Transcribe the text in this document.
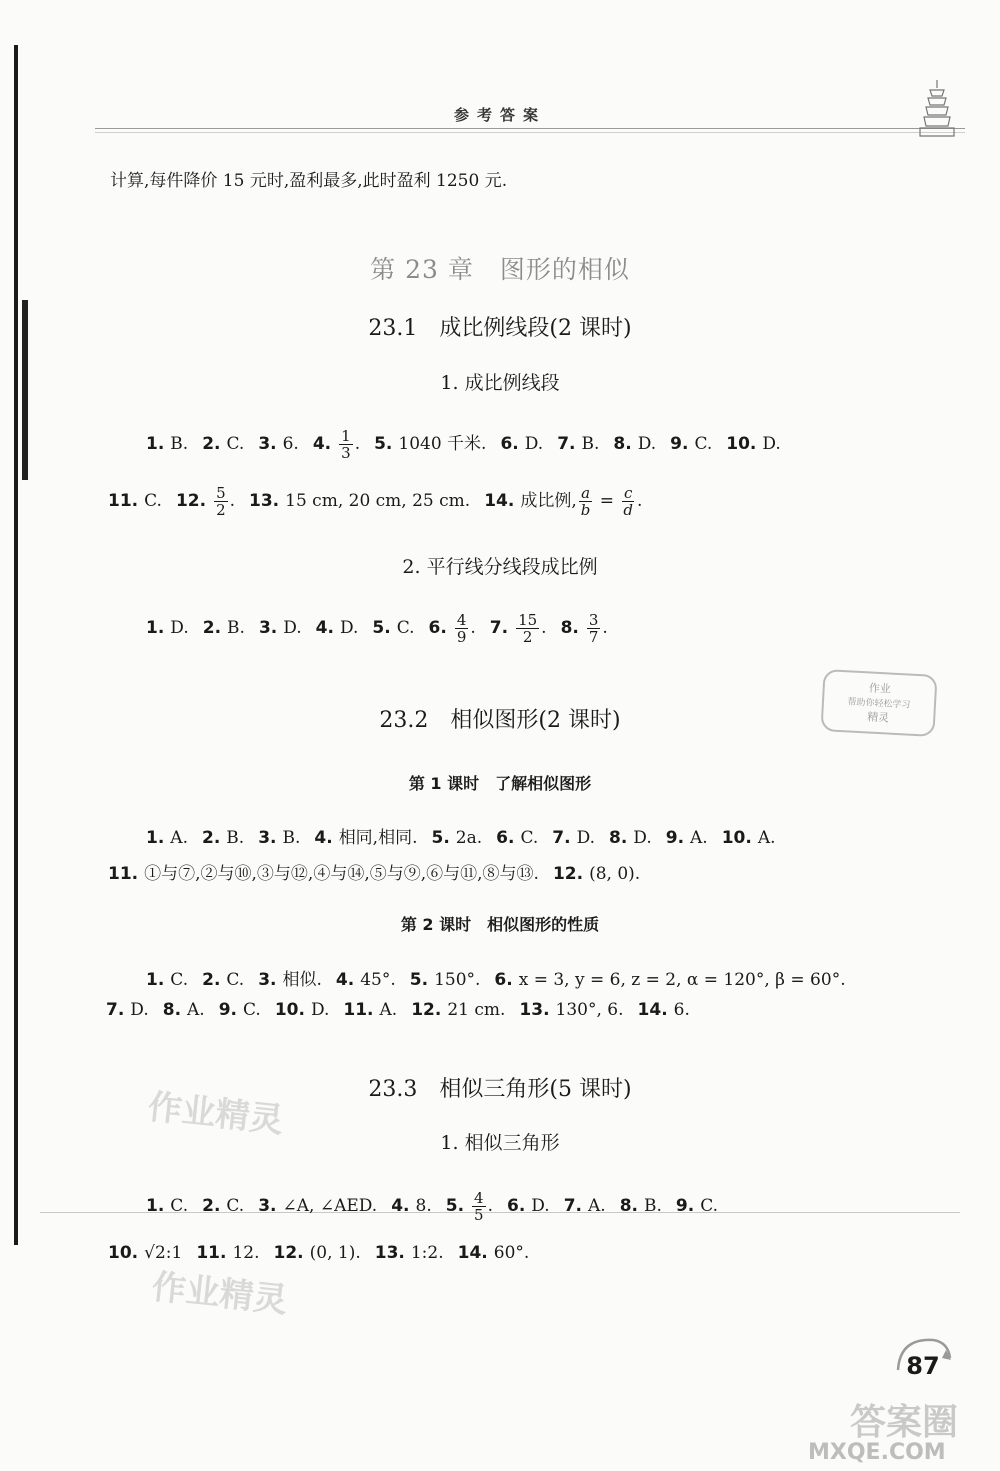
参考答案
计算,每件降价 15 元时,盈利最多,此时盈利 1250 元.
第 23 章　图形的相似
23.1　成比例线段(2 课时)
1. 成比例线段
1. B. 2. C. 3. 6. 4. $\frac{1}{3}$ . 5. 1040 千米. 6. D. 7. B. 8. D. 9. C. 10. D.
11. C. 12. $\frac{5}{2}$ . 13. 15 cm, 20 cm, 25 cm. 14. 成比例, $\frac{a}{b} = \frac{c}{d}$ .
2. 平行线分线段成比例
1. D. 2. B. 3. D. 4. D. 5. C. 6. $\frac{4}{9}$ . 7. $\frac{15}{2}$ . 8. $\frac{3}{7}$ .
作业
帮助你轻松学习
精灵
23.2　相似图形(2 课时)
第 1 课时　了解相似图形
1. A. 2. B. 3. B. 4. 相同,相同. 5. 2a. 6. C. 7. D. 8. D. 9. A. 10. A.
11. ①与⑦,②与⑩,③与⑫,④与⑭,⑤与⑨,⑥与⑪,⑧与⑬. 12. (8, 0).
第 2 课时　相似图形的性质
1. C. 2. C. 3. 相似. 4. 45°. 5. 150°. 6. x = 3, y = 6, z = 2, α = 120°, β = 60°.
7. D. 8. A. 9. C. 10. D. 11. A. 12. 21 cm. 13. 130°, 6. 14. 6.
作业精灵	23.3　相似三角形(5 课时)
1. 相似三角形
1. C. 2. C. 3. ∠A, ∠AED. 4. 8. 5. $\frac{4}{5}$ . 6. D. 7. A. 8. B. 9. C.
10. √2:1 11. 12. 12. (0, 1). 13. 1:2. 14. 60°.
作业精灵
87
答案圈
MXQE.COM
